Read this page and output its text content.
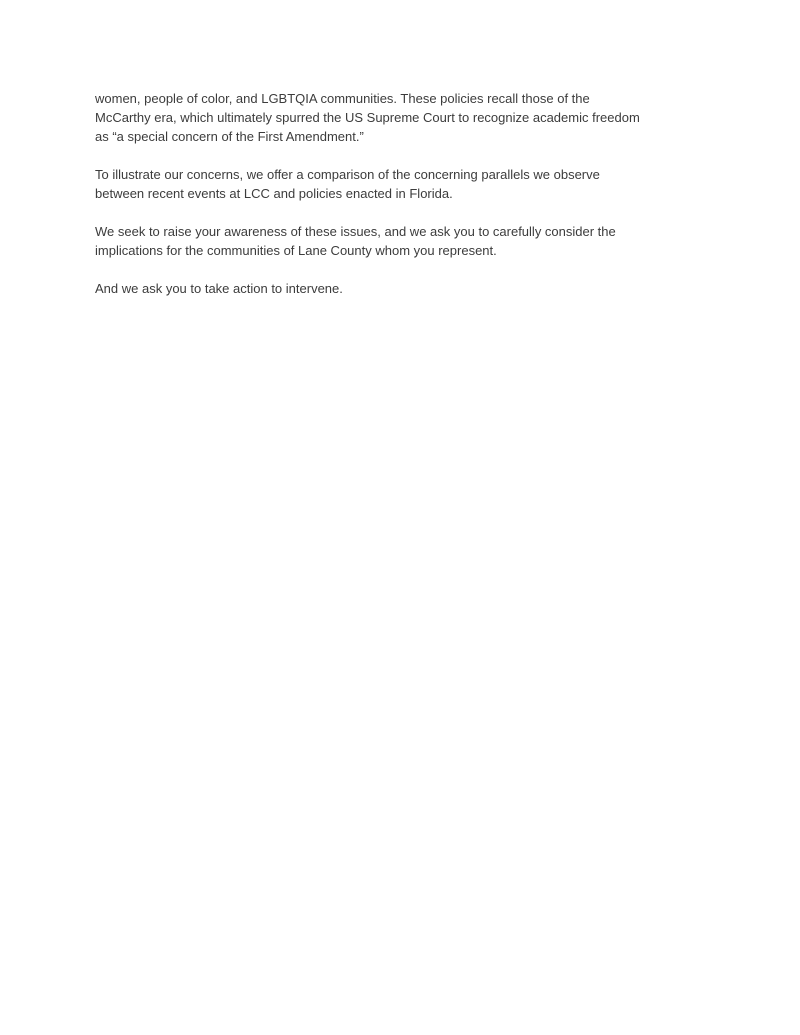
women, people of color, and LGBTQIA communities. These policies recall those of the
McCarthy era, which ultimately spurred the US Supreme Court to recognize academic freedom
as “a special concern of the First Amendment.”
To illustrate our concerns, we offer a comparison of the concerning parallels we observe
between recent events at LCC and policies enacted in Florida.
We seek to raise your awareness of these issues, and we ask you to carefully consider the
implications for the communities of Lane County whom you represent.
And we ask you to take action to intervene.
